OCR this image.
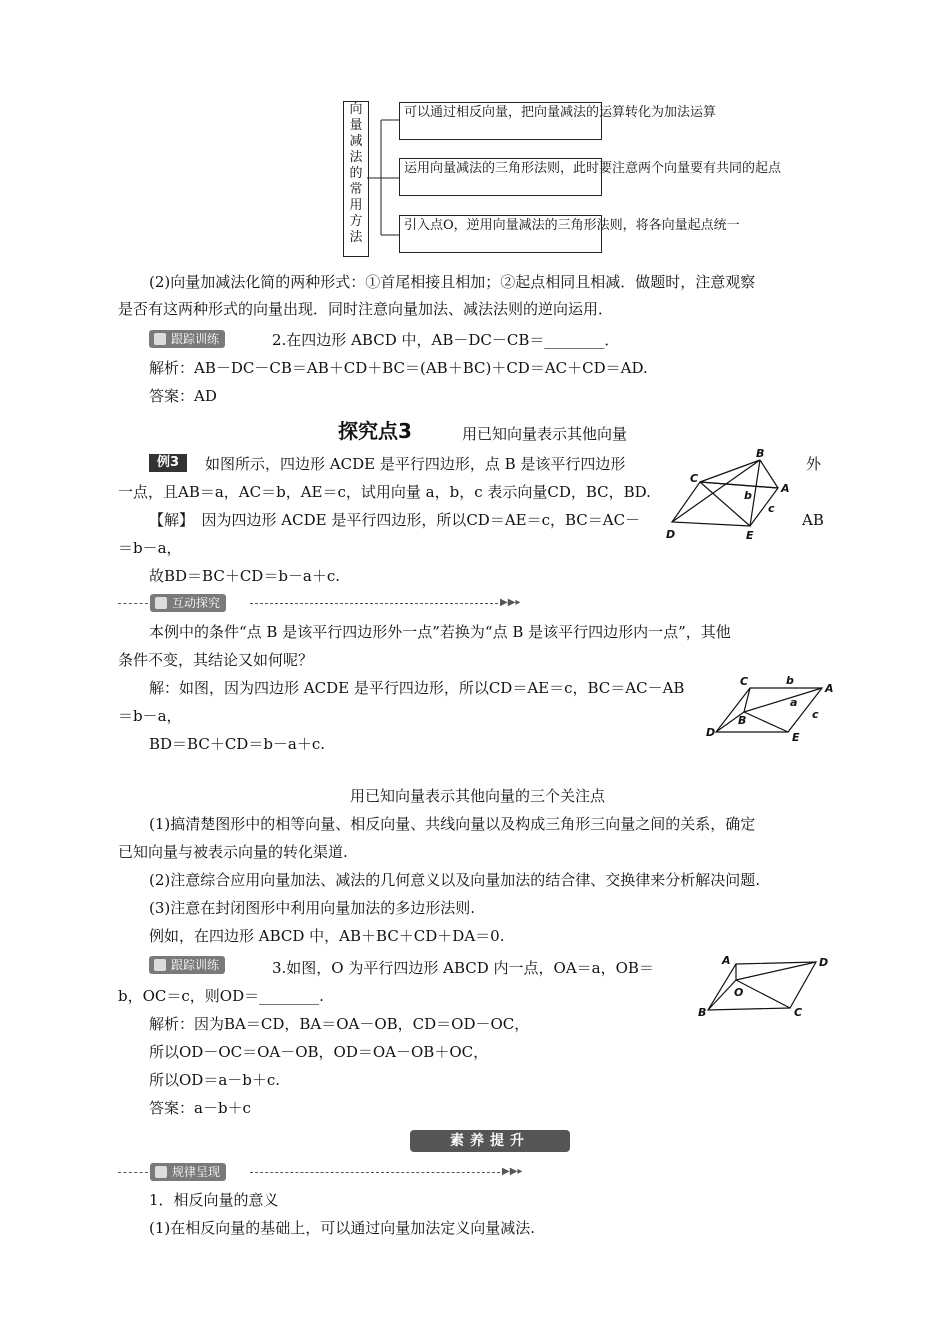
向
量
减
法
的
常
用
方
法
可以通过相反向量，把向量减法的运算转化为加法运算
运用向量减法的三角形法则，此时要注意两个向量要有共同的起点
引入点O，逆用向量减法的三角形法则，将各向量起点统一
(2)向量加减法化简的两种形式：①首尾相接且相加；②起点相同且相减．做题时，注意观察
是否有这两种形式的向量出现．同时注意向量加法、减法法则的逆向运用．
跟踪训练	2.在四边形 ABCD 中，AB－DC－CB＝________．
解析：AB－DC－CB＝AB＋CD＋BC＝(AB＋BC)＋CD＝AC＋CD＝AD.
答案：AD
探究点3	用已知向量表示其他向量
例3	如图所示，四边形 ACDE 是平行四边形，点 B 是该平行四边形	外
一点，且AB＝a，AC＝b，AE＝c，试用向量 a，b，c 表示向量CD，BC，BD.
【解】　因为四边形 ACDE 是平行四边形，所以CD＝AE＝c，BC＝AC－	AB
＝b－a，
故BD＝BC＋CD＝b－a＋c.
B
C
A
D	E
b
c
互动探究	▶▶▸
本例中的条件“点 B 是该平行四边形外一点”若换为“点 B 是该平行四边形内一点”，其他
条件不变，其结论又如何呢？
解：如图，因为四边形 ACDE 是平行四边形，所以CD＝AE＝c，BC＝AC－AB
＝b－a，
BD＝BC＋CD＝b－a＋c.
C
A
B
D	E
a
b
c
用已知向量表示其他向量的三个关注点
(1)搞清楚图形中的相等向量、相反向量、共线向量以及构成三角形三向量之间的关系，确定
已知向量与被表示向量的转化渠道.
(2)注意综合应用向量加法、减法的几何意义以及向量加法的结合律、交换律来分析解决问题.
(3)注意在封闭图形中利用向量加法的多边形法则.
例如，在四边形 ABCD 中，AB＋BC＋CD＋DA＝0.
跟踪训练	3.如图，O 为平行四边形 ABCD 内一点，OA＝a，OB＝
b，OC＝c，则OD＝________.
解析：因为BA＝CD，BA＝OA－OB，CD＝OD－OC，
所以OD－OC＝OA－OB，OD＝OA－OB＋OC，
所以OD＝a－b＋c.
答案：a－b＋c
A	D
O
B	C
素养提升
规律呈现	▶▶▸
1．相反向量的意义
(1)在相反向量的基础上，可以通过向量加法定义向量减法.
